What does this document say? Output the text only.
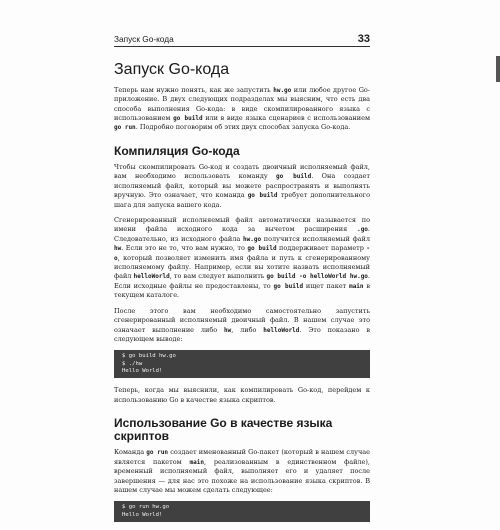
Запуск Go-кода	33
Запуск Go-кода

Теперь нам нужно понять, как же запустить hw.go или любое другое Go-приложение. В двух следующих подразделах мы выясним, что есть два способа выполнения Go-кода: в виде скомпилированного языка с использованием go build или в виде языка сценариев с использованием go run. Подробно поговорим об этих двух способах запуска Go-кода.

Компиляция Go-кода

Чтобы скомпилировать Go-код и создать двоичный исполняемый файл, вам необходимо использовать команду go build. Она создает исполняемый файл, который вы можете распространять и выполнять вручную. Это означает, что команда go build требует дополнительного шага для запуска вашего кода.

Сгенерированный исполняемый файл автоматически называется по имени файла исходного кода за вычетом расширения .go. Следовательно, из исходного файла hw.go получится исполняемый файл hw. Если это не то, что вам нужно, то go build поддерживает параметр -o, который позволяет изменить имя файла и путь к сгенерированному исполняемому файлу. Например, если вы хотите назвать исполняемый файл helloWorld, то вам следует выполнить go build -o helloWorld hw.go. Если исходные файлы не предоставлены, то go build ищет пакет main в текущем каталоге.

После этого вам необходимо самостоятельно запустить сгенерированный исполняемый двоичный файл. В нашем случае это означает выполнение либо hw, либо helloWorld. Это показано в следующем выводе:

$ go build hw.go
$ ./hw
Hello World!

Теперь, когда мы выяснили, как компилировать Go-код, перейдем к использованию Go в качестве языка скриптов.

Использование Go в качестве языка скриптов

Команда go run создает именованный Go-пакет (который в нашем случае является пакетом main, реализованным в единственном файле), временный исполняемый файл, выполняет его и удаляет после завершения — для нас это похоже на использование языка скриптов. В нашем случае мы можем сделать следующее:

$ go run hw.go
Hello World!
